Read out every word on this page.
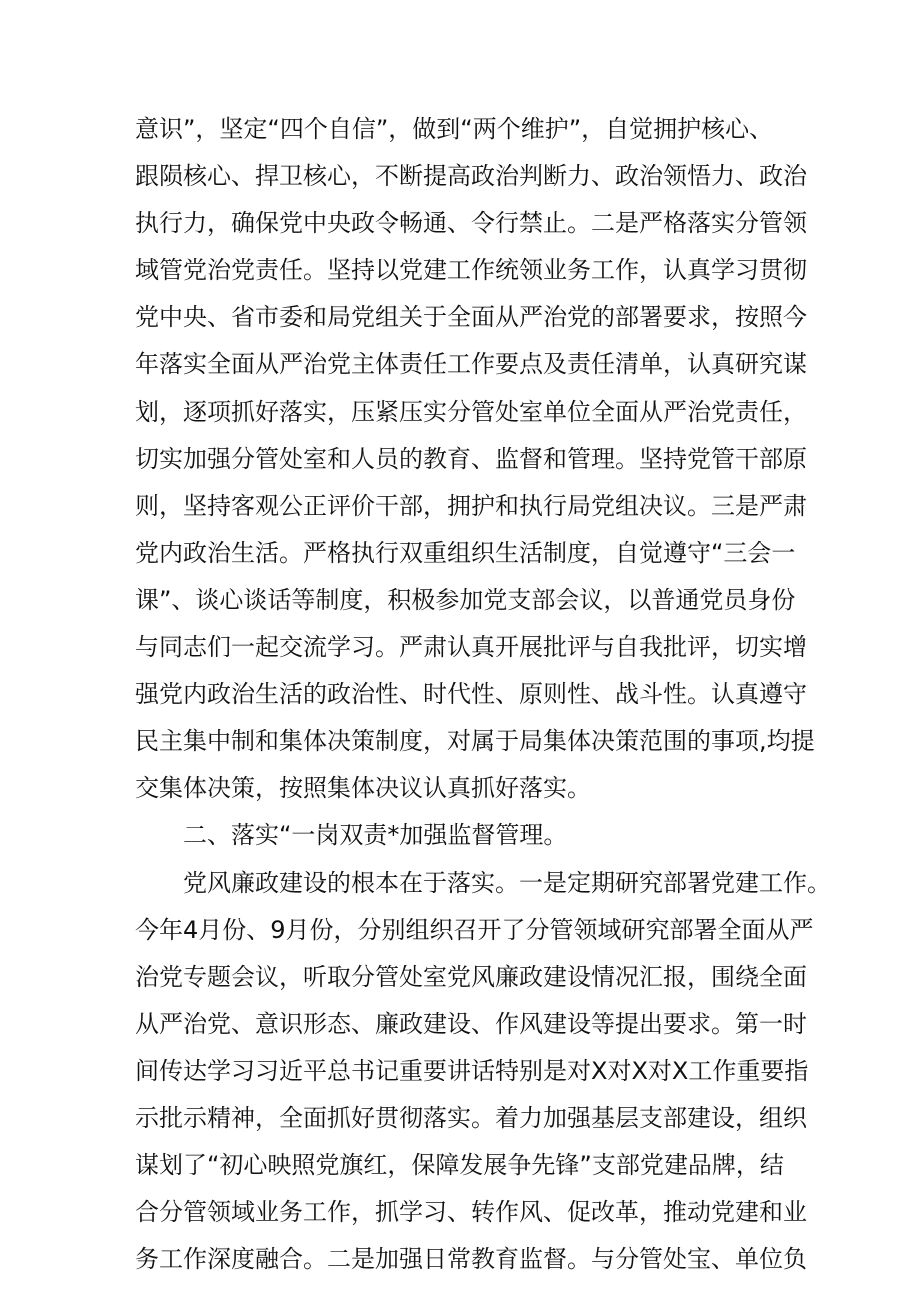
意识”，坚定“四个自信”，做到“两个维护”，自觉拥护核心、
跟陨核心、捍卫核心，不断提高政治判断力、政治领悟力、政治
执行力，确保党中央政令畅通、令行禁止。二是严格落实分管领
域管党治党责任。坚持以党建工作统领业务工作，认真学习贯彻
党中央、省市委和局党组关于全面从严治党的部署要求，按照今
年落实全面从严治党主体责任工作要点及责任清单，认真研究谋
划，逐项抓好落实，压紧压实分管处室单位全面从严治党责任，
切实加强分管处室和人员的教育、监督和管理。坚持党管干部原
则，坚持客观公正评价干部，拥护和执行局党组决议。三是严肃
党内政治生活。严格执行双重组织生活制度，自觉遵守“三会一
课”、谈心谈话等制度，积极参加党支部会议，以普通党员身份
与同志们一起交流学习。严肃认真开展批评与自我批评，切实增
强党内政治生活的政治性、时代性、原则性、战斗性。认真遵守
民主集中制和集体决策制度，对属于局集体决策范围的事项,均提
交集体决策，按照集体决议认真抓好落实。
二、落实“一岗双责*加强监督管理。
党风廉政建设的根本在于落实。一是定期研究部署党建工作。
今年4月份、9月份，分别组织召开了分管领域研究部署全面从严
治党专题会议，听取分管处室党风廉政建设情况汇报，围绕全面
从严治党、意识形态、廉政建设、作风建设等提出要求。第一时
间传达学习习近平总书记重要讲话特别是对X对X对X工作重要指
示批示精神，全面抓好贯彻落实。着力加强基层支部建设，组织
谋划了“初心映照党旗红，保障发展争先锋”支部党建品牌，结
合分管领域业务工作，抓学习、转作风、促改革，推动党建和业
务工作深度融合。二是加强日常教育监督。与分管处宝、单位负
